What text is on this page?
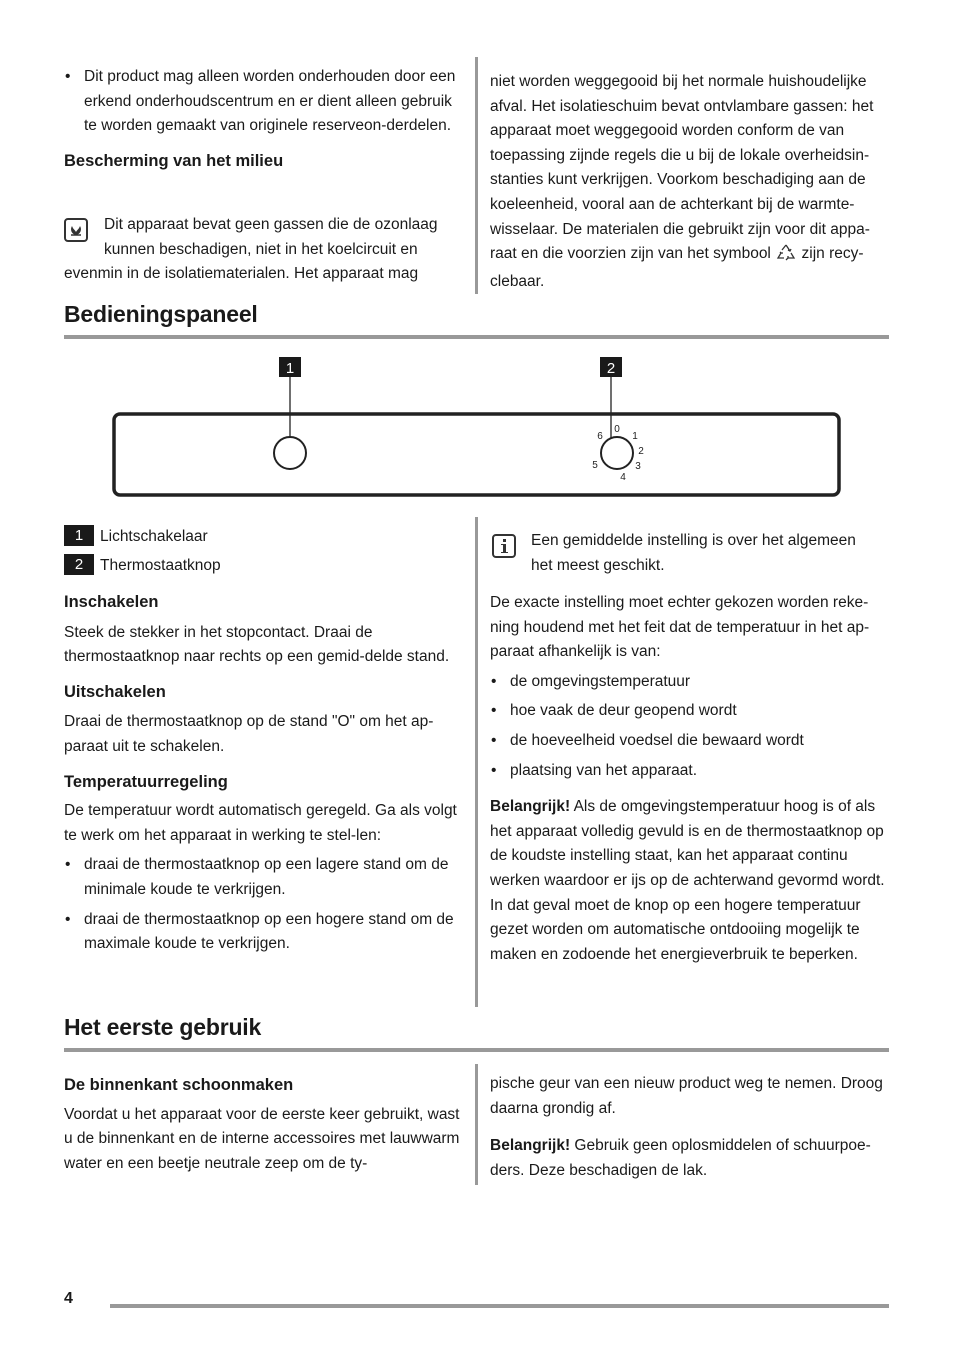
• Dit product mag alleen worden onderhouden door een erkend onderhoudscentrum en er dient alleen gebruik te worden gemaakt van originele reserveon-derdelen.

Bescherming van het milieu

Dit apparaat bevat geen gassen die de ozonlaag

kunnen beschadigen, niet in het koelcircuit en

evenmin in de isolatiematerialen. Het apparaat mag

niet worden weggegooid bij het normale huishoudelijke afval. Het isolatieschuim bevat ontvlambare gassen: het apparaat moet weggegooid worden conform de van toepassing zijnde regels die u bij de lokale overheidsin-stanties kunt verkrijgen. Voorkom beschadiging aan de koeleenheid, vooral aan de achterkant bij de warmte-wisselaar. De materialen die gebruikt zijn voor dit appa-

raat en die voorzien zijn van het symbool zijn recy-

clebaar.

Bedieningspaneel
1	2
0
1
2
3
4
5
6
1 Lichtschakelaar
2 Thermostaatknop

Inschakelen

Steek de stekker in het stopcontact. Draai de thermostaatknop naar rechts op een gemid-delde stand.

Uitschakelen

Draai de thermostaatknop op de stand "O" om het ap-paraat uit te schakelen.

Temperatuurregeling

De temperatuur wordt automatisch geregeld. Ga als volgt te werk om het apparaat in werking te stel-len:

• draai de thermostaatknop op een lagere stand om de minimale koude te verkrijgen.
• draai de thermostaatknop op een hogere stand om de maximale koude te verkrijgen.

Een gemiddelde instelling is over het algemeen

het meest geschikt.

De exacte instelling moet echter gekozen worden reke-ning houdend met het feit dat de temperatuur in het ap-paraat afhankelijk is van:

• de omgevingstemperatuur
• hoe vaak de deur geopend wordt
• de hoeveelheid voedsel die bewaard wordt
• plaatsing van het apparaat.

Belangrijk! Als de omgevingstemperatuur hoog is of als het apparaat volledig gevuld is en de thermostaatknop op de koudste instelling staat, kan het apparaat continu werken waardoor er ijs op de achterwand gevormd wordt. In dat geval moet de knop op een hogere temperatuur gezet worden om automatische ontdooiing mogelijk te maken en zodoende het energieverbruik te beperken.

Het eerste gebruik

De binnenkant schoonmaken

Voordat u het apparaat voor de eerste keer gebruikt, wast u de binnenkant en de interne accessoires met lauwwarm water en een beetje neutrale zeep om de ty-

pische geur van een nieuw product weg te nemen. Droog daarna grondig af.

Belangrijk! Gebruik geen oplosmiddelen of schuurpoe-ders. Deze beschadigen de lak.

4
